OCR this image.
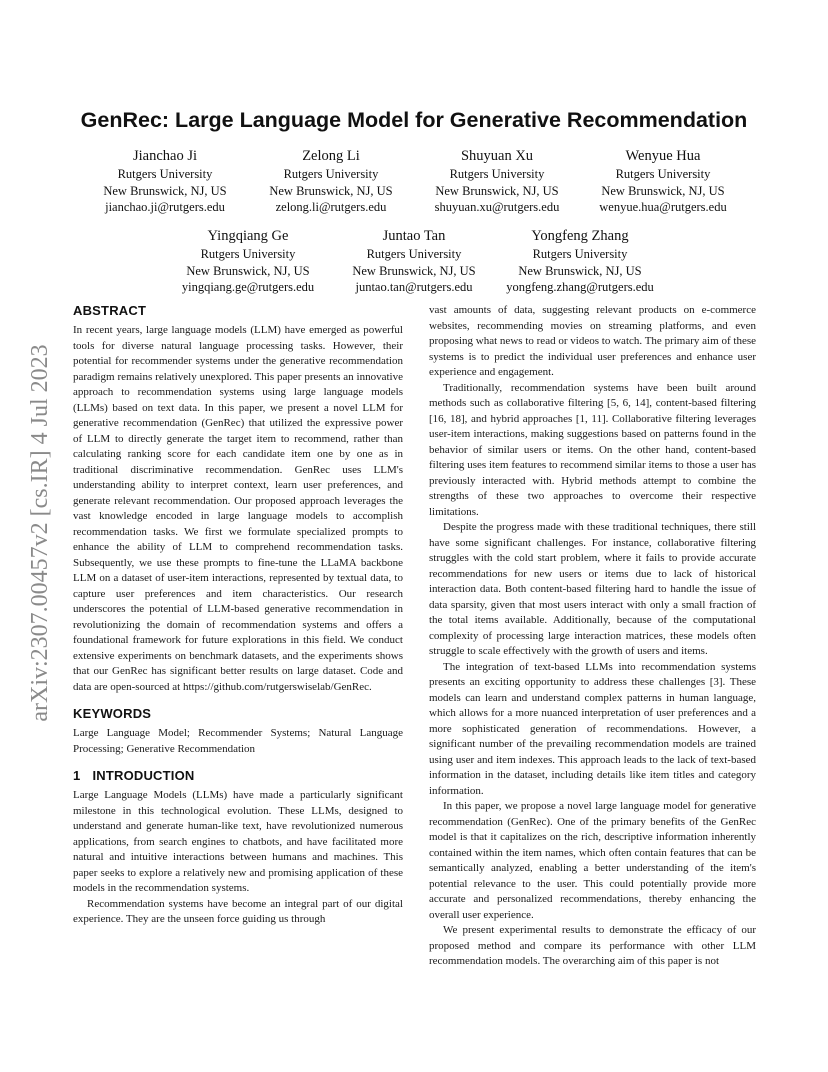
arXiv:2307.00457v2 [cs.IR] 4 Jul 2023
GenRec: Large Language Model for Generative Recommendation
Jianchao Ji
Rutgers University
New Brunswick, NJ, US
jianchao.ji@rutgers.edu
Zelong Li
Rutgers University
New Brunswick, NJ, US
zelong.li@rutgers.edu
Shuyuan Xu
Rutgers University
New Brunswick, NJ, US
shuyuan.xu@rutgers.edu
Wenyue Hua
Rutgers University
New Brunswick, NJ, US
wenyue.hua@rutgers.edu
Yingqiang Ge
Rutgers University
New Brunswick, NJ, US
yingqiang.ge@rutgers.edu
Juntao Tan
Rutgers University
New Brunswick, NJ, US
juntao.tan@rutgers.edu
Yongfeng Zhang
Rutgers University
New Brunswick, NJ, US
yongfeng.zhang@rutgers.edu
ABSTRACT

In recent years, large language models (LLM) have emerged as powerful tools for diverse natural language processing tasks. However, their potential for recommender systems under the generative recommendation paradigm remains relatively unexplored. This paper presents an innovative approach to recommendation systems using large language models (LLMs) based on text data. In this paper, we present a novel LLM for generative recommendation (GenRec) that utilized the expressive power of LLM to directly generate the target item to recommend, rather than calculating ranking score for each candidate item one by one as in traditional discriminative recommendation. GenRec uses LLM's understanding ability to interpret context, learn user preferences, and generate relevant recommendation. Our proposed approach leverages the vast knowledge encoded in large language models to accomplish recommendation tasks. We first we formulate specialized prompts to enhance the ability of LLM to comprehend recommendation tasks. Subsequently, we use these prompts to fine-tune the LLaMA backbone LLM on a dataset of user-item interactions, represented by textual data, to capture user preferences and item characteristics. Our research underscores the potential of LLM-based generative recommendation in revolutionizing the domain of recommendation systems and offers a foundational framework for future explorations in this field. We conduct extensive experiments on benchmark datasets, and the experiments shows that our GenRec has significant better results on large dataset. Code and data are open-sourced at https://github.com/rutgerswiselab/GenRec.

KEYWORDS

Large Language Model; Recommender Systems; Natural Language Processing; Generative Recommendation

1 INTRODUCTION

Large Language Models (LLMs) have made a particularly significant milestone in this technological evolution. These LLMs, designed to understand and generate human-like text, have revolutionized numerous applications, from search engines to chatbots, and have facilitated more natural and intuitive interactions between humans and machines. This paper seeks to explore a relatively new and promising application of these models in the recommendation systems.

Recommendation systems have become an integral part of our digital experience. They are the unseen force guiding us through

vast amounts of data, suggesting relevant products on e-commerce websites, recommending movies on streaming platforms, and even proposing what news to read or videos to watch. The primary aim of these systems is to predict the individual user preferences and enhance user experience and engagement.

Traditionally, recommendation systems have been built around methods such as collaborative filtering [5, 6, 14], content-based filtering [16, 18], and hybrid approaches [1, 11]. Collaborative filtering leverages user-item interactions, making suggestions based on patterns found in the behavior of similar users or items. On the other hand, content-based filtering uses item features to recommend similar items to those a user has previously interacted with. Hybrid methods attempt to combine the strengths of these two approaches to overcome their respective limitations.

Despite the progress made with these traditional techniques, there still have some significant challenges. For instance, collaborative filtering struggles with the cold start problem, where it fails to provide accurate recommendations for new users or items due to lack of historical interaction data. Both content-based filtering hard to handle the issue of data sparsity, given that most users interact with only a small fraction of the total items available. Additionally, because of the computational complexity of processing large interaction matrices, these models often struggle to scale effectively with the growth of users and items.

The integration of text-based LLMs into recommendation systems presents an exciting opportunity to address these challenges [3]. These models can learn and understand complex patterns in human language, which allows for a more nuanced interpretation of user preferences and a more sophisticated generation of recommendations. However, a significant number of the prevailing recommendation models are trained using user and item indexes. This approach leads to the lack of text-based information in the dataset, including details like item titles and category information.

In this paper, we propose a novel large language model for generative recommendation (GenRec). One of the primary benefits of the GenRec model is that it capitalizes on the rich, descriptive information inherently contained within the item names, which often contain features that can be semantically analyzed, enabling a better understanding of the item's potential relevance to the user. This could potentially provide more accurate and personalized recommendations, thereby enhancing the overall user experience.

We present experimental results to demonstrate the efficacy of our proposed method and compare its performance with other LLM recommendation models. The overarching aim of this paper is not
